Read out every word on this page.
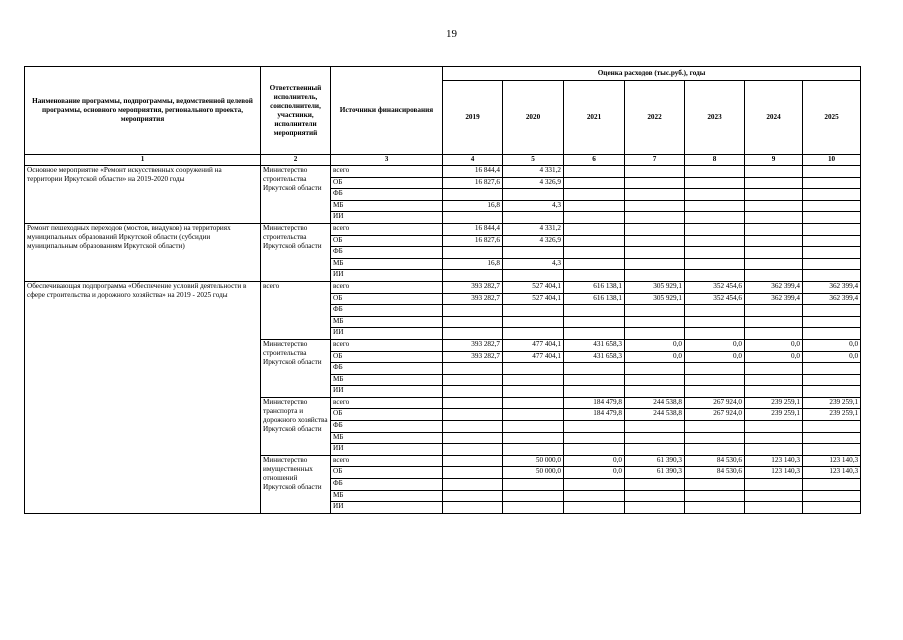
19
Наименование программы, подпрограммы, ведомственной целевой программы, основного мероприятия, регионального проекта, мероприятия	Ответственный исполнитель, соисполнители, участники, исполнители мероприятий	Источники финансирования	Оценка расходов (тыс.руб.), годы						
			2019	2020	2021	2022	2023	2024	2025
1	2	3	4	5	6	7	8	9	10
Основное мероприятие «Ремонт искусственных сооружений на территории Иркутской области» на 2019-2020 годы	Министерство строительства Иркутской области	всего	16 844,4	4 331,2					
		ОБ	16 827,6	4 326,9					
		ФБ							
		МБ	16,8	4,3					
		ИИ							
Ремонт пешеходных переходов (мостов, виадуков) на территориях муниципальных образований Иркутской области (субсидии муниципальным образованиям Иркутской области)	Министерство строительства Иркутской области	всего	16 844,4	4 331,2					
		ОБ	16 827,6	4 326,9					
		ФБ							
		МБ	16,8	4,3					
		ИИ							
Обеспечивающая подпрограмма «Обеспечение условий деятельности в сфере строительства и дорожного хозяйства» на 2019 - 2025 годы	всего	всего	393 282,7	527 404,1	616 138,1	305 929,1	352 454,6	362 399,4	362 399,4
		ОБ	393 282,7	527 404,1	616 138,1	305 929,1	352 454,6	362 399,4	362 399,4
		ФБ							
		МБ							
		ИИ							
	Министерство строительства Иркутской области	всего	393 282,7	477 404,1	431 658,3	0,0	0,0	0,0	0,0
		ОБ	393 282,7	477 404,1	431 658,3	0,0	0,0	0,0	0,0
		ФБ							
		МБ							
		ИИ							
	Министерство транспорта и дорожного хозяйства Иркутской области	всего			184 479,8	244 538,8	267 924,0	239 259,1	239 259,1
		ОБ			184 479,8	244 538,8	267 924,0	239 259,1	239 259,1
		ФБ							
		МБ							
		ИИ							
	Министерство имущественных отношений Иркутской области	всего		50 000,0	0,0	61 390,3	84 530,6	123 140,3	123 140,3
		ОБ		50 000,0	0,0	61 390,3	84 530,6	123 140,3	123 140,3
		ФБ							
		МБ							
		ИИ							
